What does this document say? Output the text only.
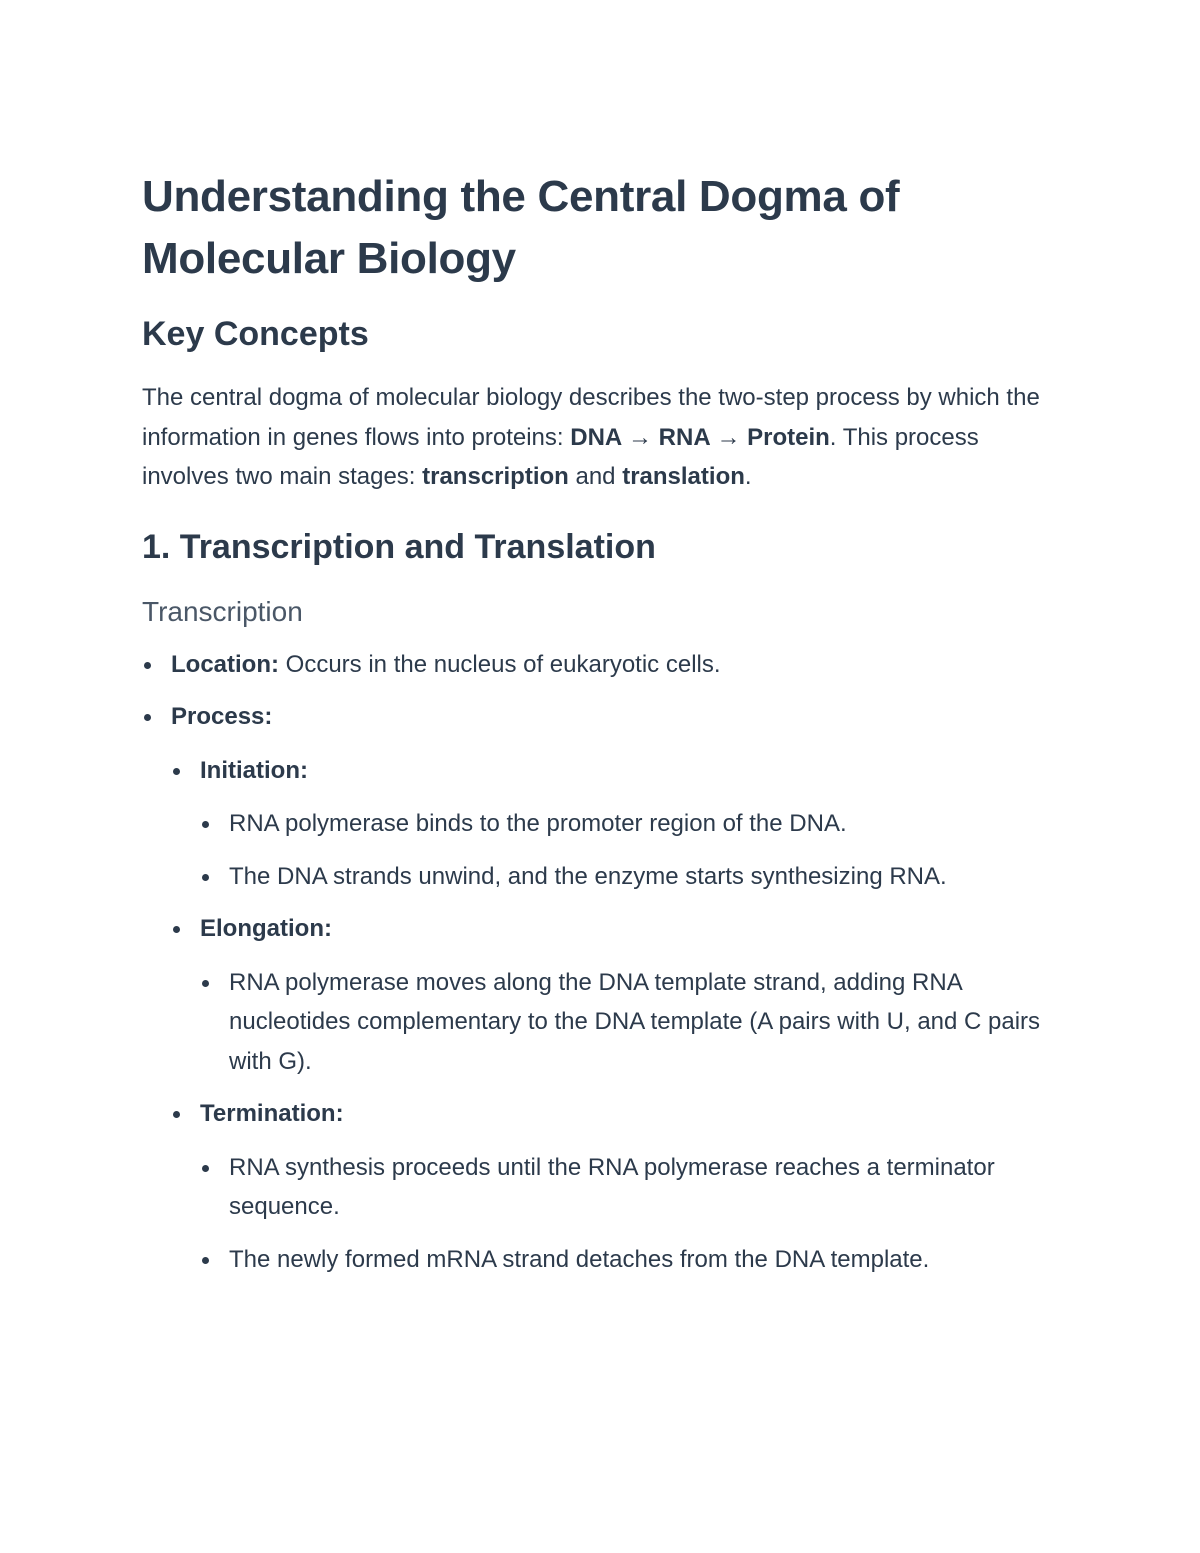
Understanding the Central Dogma of Molecular Biology
Key Concepts

The central dogma of molecular biology describes the two-step process by which the information in genes flows into proteins: DNA → RNA → Protein. This process involves two main stages: transcription and translation.

1. Transcription and Translation
Transcription
Location: Occurs in the nucleus of eukaryotic cells.
Process:
Initiation:
RNA polymerase binds to the promoter region of the DNA.
The DNA strands unwind, and the enzyme starts synthesizing RNA.
Elongation:
RNA polymerase moves along the DNA template strand, adding RNA nucleotides complementary to the DNA template (A pairs with U, and C pairs with G).
Termination:
RNA synthesis proceeds until the RNA polymerase reaches a terminator sequence.
The newly formed mRNA strand detaches from the DNA template.
